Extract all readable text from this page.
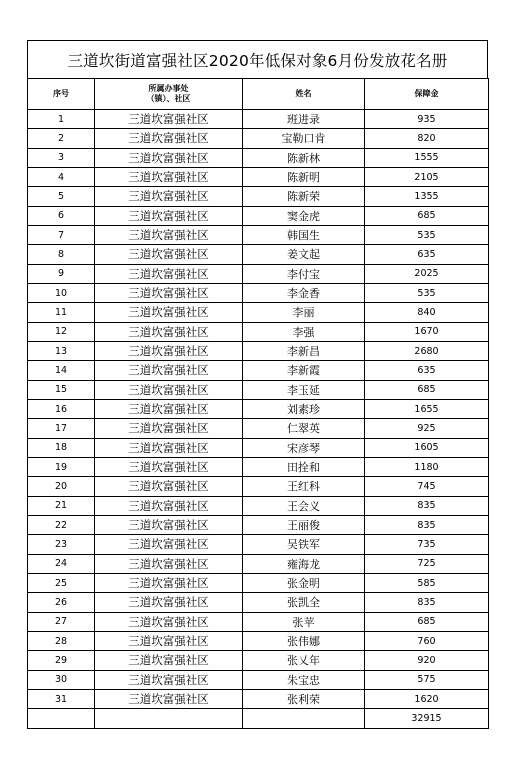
三道坎街道富强社区2020年低保对象6月份发放花名册
序号	所属办事处
（镇）、社区	姓名	保障金
1	三道坎富强社区	班进录	935
2	三道坎富强社区	宝勒口肯	820
3	三道坎富强社区	陈新林	1555
4	三道坎富强社区	陈新明	2105
5	三道坎富强社区	陈新荣	1355
6	三道坎富强社区	窦金虎	685
7	三道坎富强社区	韩国生	535
8	三道坎富强社区	姜文起	635
9	三道坎富强社区	李付宝	2025
10	三道坎富强社区	李金香	535
11	三道坎富强社区	李丽	840
12	三道坎富强社区	李强	1670
13	三道坎富强社区	李新昌	2680
14	三道坎富强社区	李新霞	635
15	三道坎富强社区	李玉延	685
16	三道坎富强社区	刘素珍	1655
17	三道坎富强社区	仁翠英	925
18	三道坎富强社区	宋彦琴	1605
19	三道坎富强社区	田拴和	1180
20	三道坎富强社区	王红科	745
21	三道坎富强社区	王会义	835
22	三道坎富强社区	王丽俊	835
23	三道坎富强社区	吴铁军	735
24	三道坎富强社区	雍海龙	725
25	三道坎富强社区	张金明	585
26	三道坎富强社区	张凯全	835
27	三道坎富强社区	张苹	685
28	三道坎富强社区	张伟娜	760
29	三道坎富强社区	张乂年	920
30	三道坎富强社区	朱宝忠	575
31	三道坎富强社区	张利荣	1620
			32915
